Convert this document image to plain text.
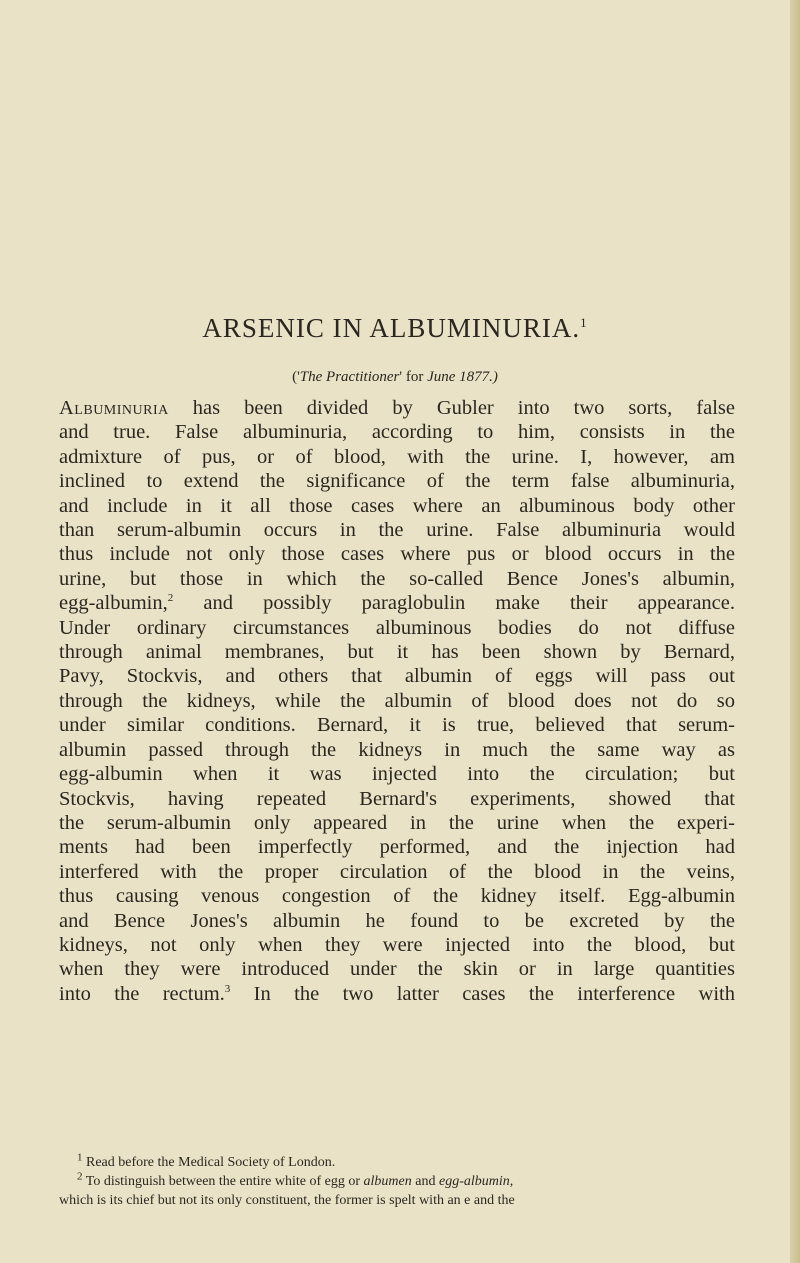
ARSENIC IN ALBUMINURIA.$^1$
('The Practitioner' for June 1877.)
Albuminuria has been divided by Gubler into two sorts, false
and true. False albuminuria, according to him, consists in the
admixture of pus, or of blood, with the urine. I, however, am
inclined to extend the significance of the term false albuminuria,
and include in it all those cases where an albuminous body other
than serum-albumin occurs in the urine. False albuminuria would
thus include not only those cases where pus or blood occurs in the
urine, but those in which the so-called Bence Jones's albumin,
egg-albumin,$^2$ and possibly paraglobulin make their appearance.
Under ordinary circumstances albuminous bodies do not diffuse
through animal membranes, but it has been shown by Bernard,
Pavy, Stockvis, and others that albumin of eggs will pass out
through the kidneys, while the albumin of blood does not do so
under similar conditions. Bernard, it is true, believed that serum-
albumin passed through the kidneys in much the same way as
egg-albumin when it was injected into the circulation; but
Stockvis, having repeated Bernard's experiments, showed that
the serum-albumin only appeared in the urine when the experi-
ments had been imperfectly performed, and the injection had
interfered with the proper circulation of the blood in the veins,
thus causing venous congestion of the kidney itself. Egg-albumin
and Bence Jones's albumin he found to be excreted by the
kidneys, not only when they were injected into the blood, but
when they were introduced under the skin or in large quantities
into the rectum.$^3$ In the two latter cases the interference with
$^1$ Read before the Medical Society of London.
$^2$ To distinguish between the entire white of egg or albumen and egg-albumin,
which is its chief but not its only constituent, the former is spelt with an e and the
